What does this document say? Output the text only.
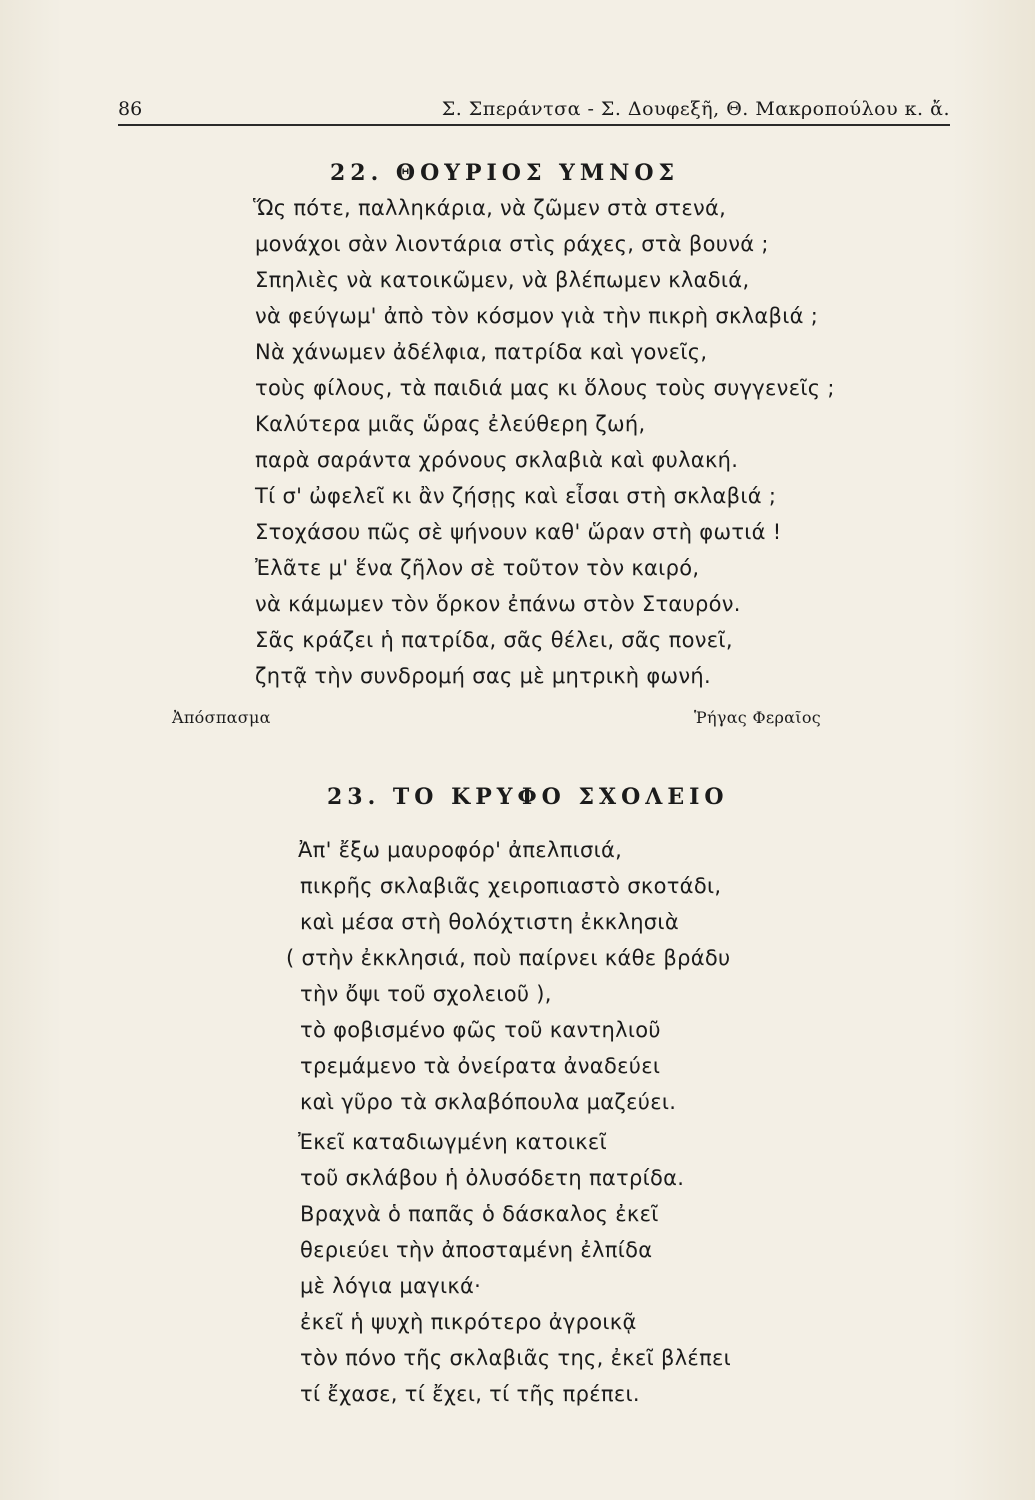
86	Σ. Σπεράντσα - Σ. Δουφεξῆ, Θ. Μακροπούλου κ. ἄ.
22. ΘΟΥΡΙΟΣ ΥΜΝΟΣ
Ὥς πότε, παλληκάρια, νὰ ζῶμεν στὰ στενά,
μονάχοι σὰν λιοντάρια στὶς ράχες, στὰ βουνά ;
Σπηλιὲς νὰ κατοικῶμεν, νὰ βλέπωμεν κλαδιά,
νὰ φεύγωμ' ἀπὸ τὸν κόσμον γιὰ τὴν πικρὴ σκλαβιά ;
Νὰ χάνωμεν ἀδέλφια, πατρίδα καὶ γονεῖς,
τοὺς φίλους, τὰ παιδιά μας κι ὅλους τοὺς συγγενεῖς ;
Καλύτερα μιᾶς ὥρας ἐλεύθερη ζωή,
παρὰ σαράντα χρόνους σκλαβιὰ καὶ φυλακή.
Τί σ' ὠφελεῖ κι ἂν ζήσῃς καὶ εἶσαι στὴ σκλαβιά ;
Στοχάσου πῶς σὲ ψήνουν καθ' ὥραν στὴ φωτιά !
Ἐλᾶτε μ' ἕνα ζῆλον σὲ τοῦτον τὸν καιρό,
νὰ κάμωμεν τὸν ὅρκον ἐπάνω στὸν Σταυρόν.
Σᾶς κράζει ἡ πατρίδα, σᾶς θέλει, σᾶς πονεῖ,
ζητᾷ τὴν συνδρομή σας μὲ μητρικὴ φωνή.
Ἀπόσπασμα	Ῥήγας Φεραῖος
23. ΤΟ ΚΡΥΦΟ ΣΧΟΛΕΙΟ
Ἀπ' ἔξω μαυροφόρ' ἀπελπισιά,
πικρῆς σκλαβιᾶς χειροπιαστὸ σκοτάδι,
καὶ μέσα στὴ θολόχτιστη ἐκκλησιὰ
( στὴν ἐκκλησιά, ποὺ παίρνει κάθε βράδυ
τὴν ὄψι τοῦ σχολειοῦ ),
τὸ φοβισμένο φῶς τοῦ καντηλιοῦ
τρεμάμενο τὰ ὀνείρατα ἀναδεύει
καὶ γῦρο τὰ σκλαβόπουλα μαζεύει.
Ἐκεῖ καταδιωγμένη κατοικεῖ
τοῦ σκλάβου ἡ ὀλυσόδετη πατρίδα.
Βραχνὰ ὁ παπᾶς ὁ δάσκαλος ἐκεῖ
θεριεύει τὴν ἀποσταμένη ἐλπίδα
μὲ λόγια μαγικά·
ἐκεῖ ἡ ψυχὴ πικρότερο ἀγροικᾷ
τὸν πόνο τῆς σκλαβιᾶς της, ἐκεῖ βλέπει
τί ἔχασε, τί ἔχει, τί τῆς πρέπει.
